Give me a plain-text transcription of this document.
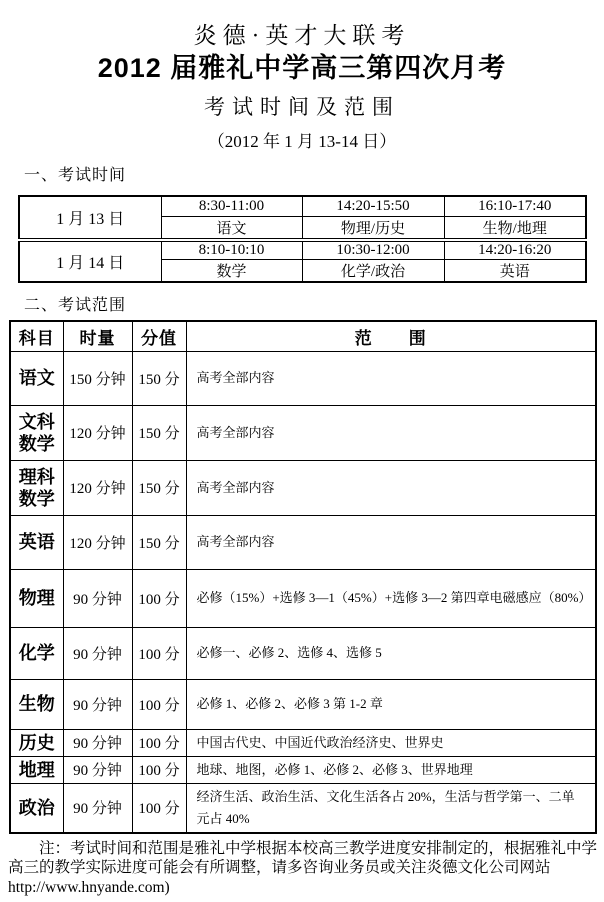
炎德·英才大联考
2012 届雅礼中学高三第四次月考
考试时间及范围
（2012 年 1 月 13-14 日）
一、考试时间
1 月 13 日	8:30-11:00	14:20-15:50	16:10-17:40
	语文	物理/历史	生物/地理
1 月 14 日	8:10-10:10	10:30-12:00	14:20-16:20
	数学	化学/政治	英语
二、考试范围
科目	时量	分值	范　　围
语文	150 分钟	150 分	高考全部内容
文科数学	120 分钟	150 分	高考全部内容
理科数学	120 分钟	150 分	高考全部内容
英语	120 分钟	150 分	高考全部内容
物理	90 分钟	100 分	必修（15%）+选修 3—1（45%）+选修 3—2 第四章电磁感应（80%）
化学	90 分钟	100 分	必修一、必修 2、选修 4、选修 5
生物	90 分钟	100 分	必修 1、必修 2、必修 3 第 1-2 章
历史	90 分钟	100 分	中国古代史、中国近代政治经济史、世界史
地理	90 分钟	100 分	地球、地图，必修 1、必修 2、必修 3、世界地理
政治	90 分钟	100 分	经济生活、政治生活、文化生活各占 20%，生活与哲学第一、二单元占 40%
注：考试时间和范围是雅礼中学根据本校高三教学进度安排制定的，根据雅礼中学
高三的教学实际进度可能会有所调整，请多咨询业务员或关注炎德文化公司网站
http://www.hnyande.com)
